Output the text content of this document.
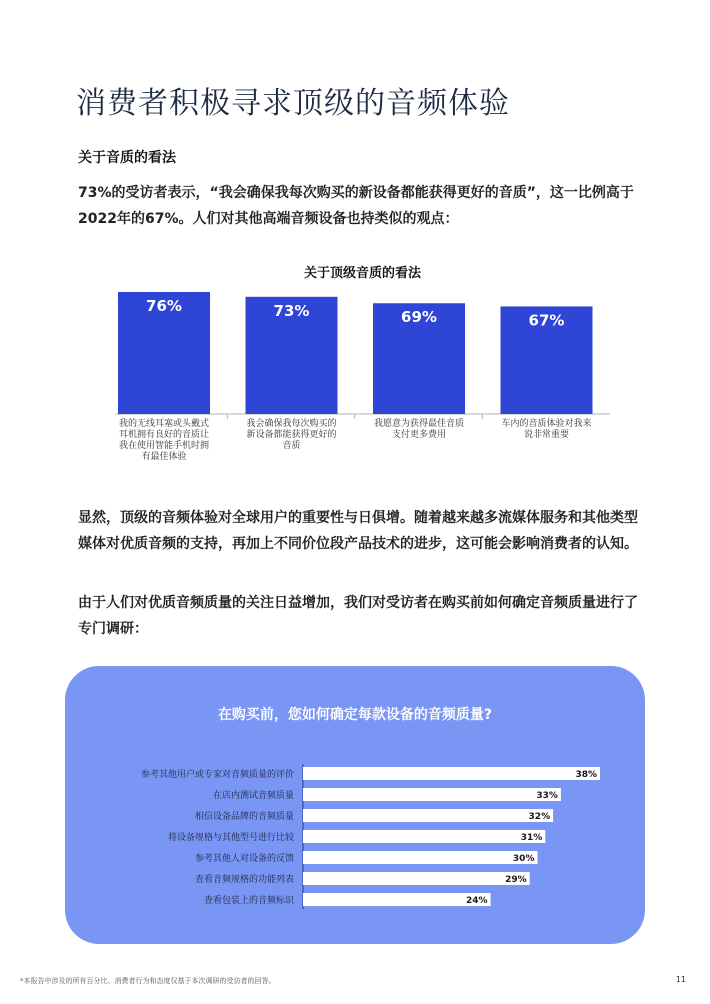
消费者积极寻求顶级的音频体验
关于音质的看法
73%的受访者表示，“我会确保我每次购买的新设备都能获得更好的音质”，这一比例高于2022年的67%。人们对其他高端音频设备也持类似的观点：
76%	73%	69%	67%
关于顶级音质的看法
我的无线耳塞或头戴式
耳机拥有良好的音质让
我在使用智能手机时拥
有最佳体验
我会确保我每次购买的
新设备都能获得更好的
音质
我愿意为获得最佳音质
支付更多费用
车内的音质体验对我来
说非常重要
显然，顶级的音频体验对全球用户的重要性与日俱增。随着越来越多流媒体服务和其他类型媒体对优质音频的支持，再加上不同价位段产品技术的进步，这可能会影响消费者的认知。
由于人们对优质音频质量的关注日益增加，我们对受访者在购买前如何确定音频质量进行了专门调研：
在购买前，您如何确定每款设备的音频质量?
38%
参考其他用户或专家对音频质量的评价
33%
在店内测试音频质量
32%
相信设备品牌的音频质量
31%
将设备规格与其他型号进行比较
30%
参考其他人对设备的反馈
29%
查看音频规格的功能列表
24%
查看包装上的音频标识
*本报告中涉及的所有百分比、消费者行为和态度仅基于本次调研的受访者的回答。	11
